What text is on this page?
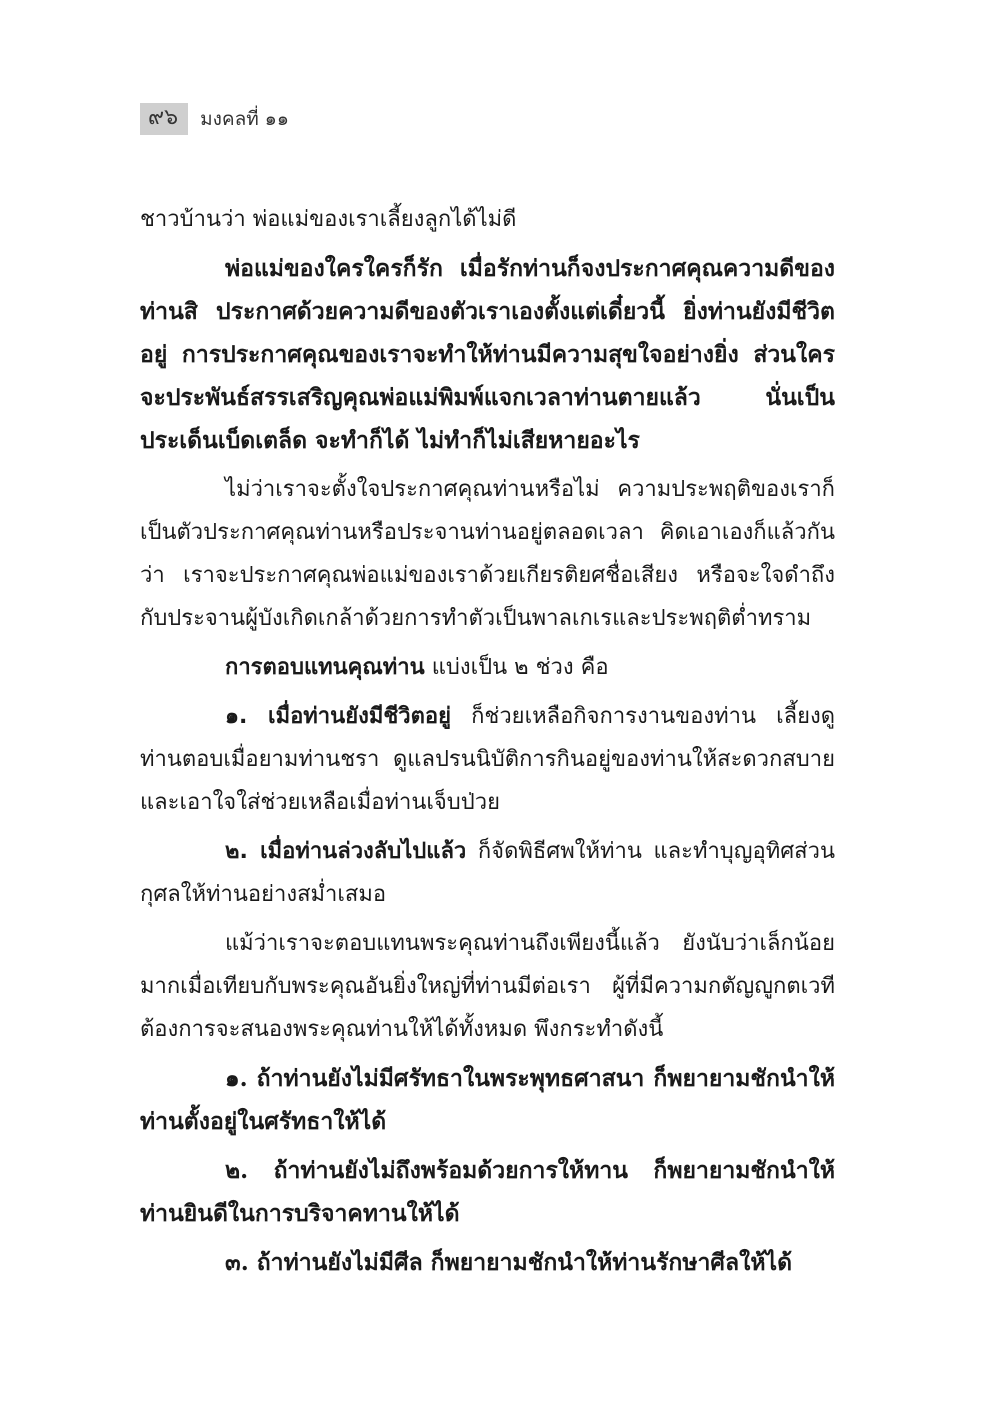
๙๖	มงคลที่ ๑๑

ชาวบ้านว่า พ่อแม่ของเราเลี้ยงลูกได้ไม่ดี

พ่อแม่ของใครใครก็รัก เมื่อรักท่านก็จงประกาศคุณความดีของท่านสิ ประกาศด้วยความดีของตัวเราเองตั้งแต่เดี๋ยวนี้ ยิ่งท่านยังมีชีวิตอยู่ การประกาศคุณของเราจะทำให้ท่านมีความสุขใจอย่างยิ่ง ส่วนใครจะประพันธ์สรรเสริญคุณพ่อแม่พิมพ์แจกเวลาท่านตายแล้ว นั่นเป็นประเด็นเบ็ดเตล็ด จะทำก็ได้ ไม่ทำก็ไม่เสียหายอะไร

ไม่ว่าเราจะตั้งใจประกาศคุณท่านหรือไม่ ความประพฤติของเราก็เป็นตัวประกาศคุณท่านหรือประจานท่านอยู่ตลอดเวลา คิดเอาเองก็แล้วกันว่า เราจะประกาศคุณพ่อแม่ของเราด้วยเกียรติยศชื่อเสียง หรือจะใจดำถึงกับประจานผู้บังเกิดเกล้าด้วยการทำตัวเป็นพาลเกเรและประพฤติต่ำทราม

การตอบแทนคุณท่าน แบ่งเป็น ๒ ช่วง คือ

๑. เมื่อท่านยังมีชีวิตอยู่ ก็ช่วยเหลือกิจการงานของท่าน เลี้ยงดูท่านตอบเมื่อยามท่านชรา ดูแลปรนนิบัติการกินอยู่ของท่านให้สะดวกสบายและเอาใจใส่ช่วยเหลือเมื่อท่านเจ็บป่วย

๒. เมื่อท่านล่วงลับไปแล้ว ก็จัดพิธีศพให้ท่าน และทำบุญอุทิศส่วนกุศลให้ท่านอย่างสม่ำเสมอ

แม้ว่าเราจะตอบแทนพระคุณท่านถึงเพียงนี้แล้ว ยังนับว่าเล็กน้อยมากเมื่อเทียบกับพระคุณอันยิ่งใหญ่ที่ท่านมีต่อเรา ผู้ที่มีความกตัญญูกตเวทีต้องการจะสนองพระคุณท่านให้ได้ทั้งหมด พึงกระทำดังนี้

๑. ถ้าท่านยังไม่มีศรัทธาในพระพุทธศาสนา ก็พยายามชักนำให้ท่านตั้งอยู่ในศรัทธาให้ได้

๒. ถ้าท่านยังไม่ถึงพร้อมด้วยการให้ทาน ก็พยายามชักนำให้ท่านยินดีในการบริจาคทานให้ได้

๓. ถ้าท่านยังไม่มีศีล ก็พยายามชักนำให้ท่านรักษาศีลให้ได้
